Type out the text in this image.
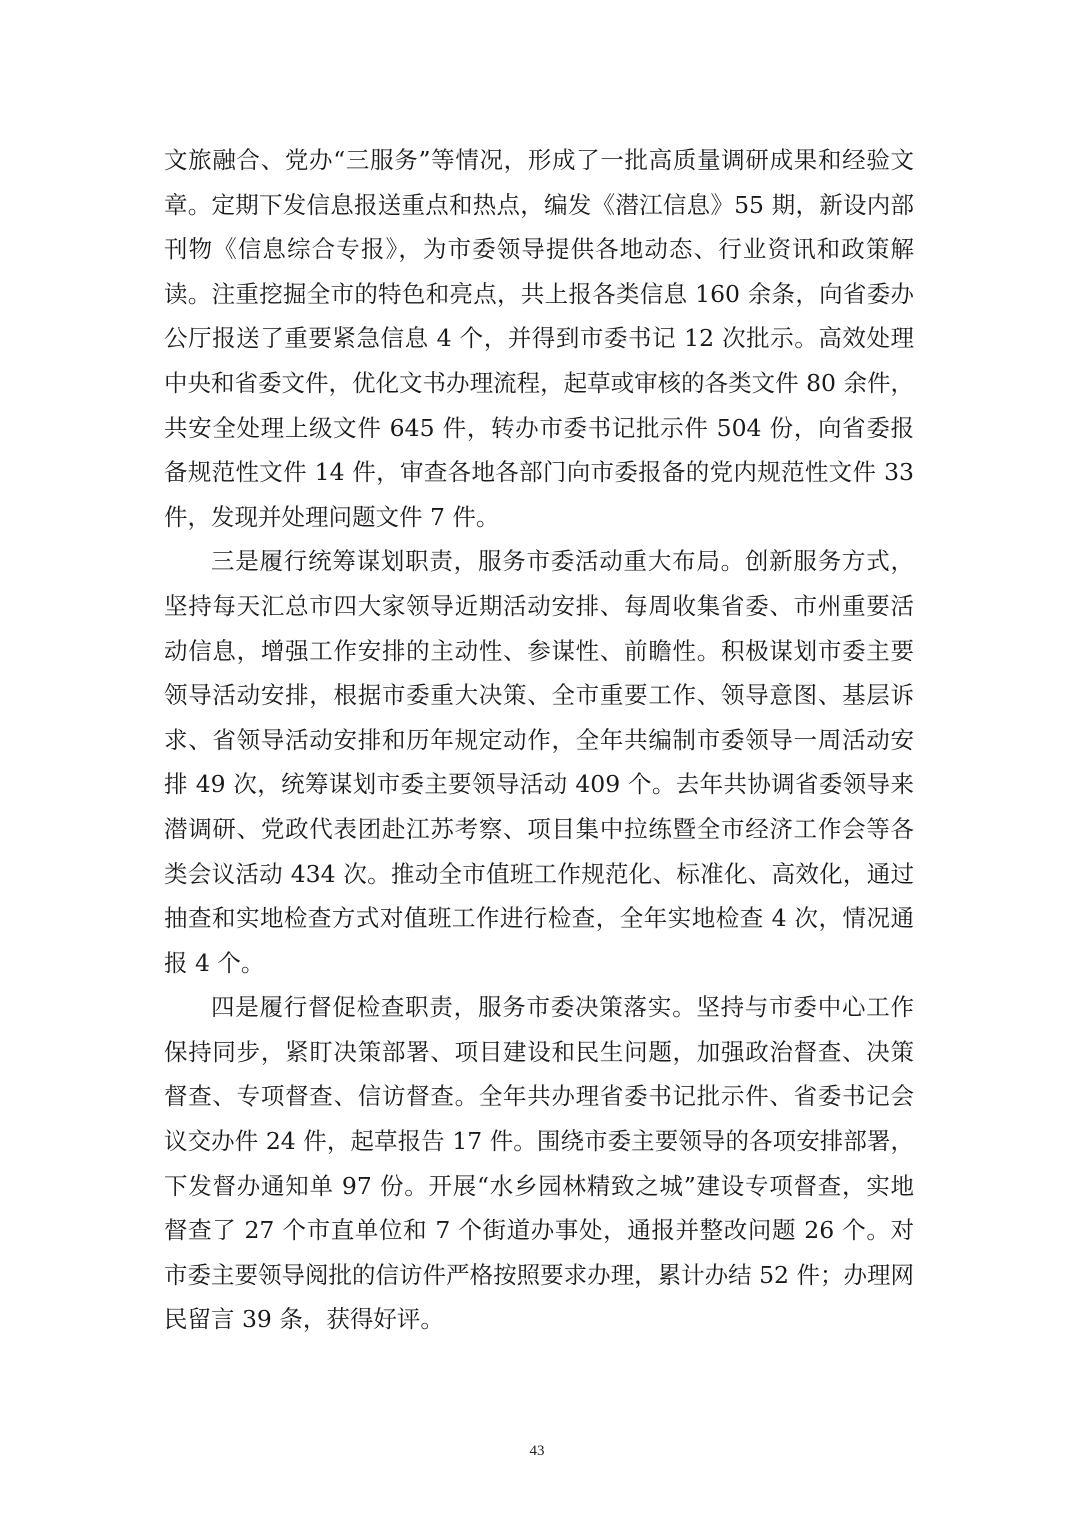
文旅融合、党办“三服务”等情况，形成了一批高质量调研成果和经验文章。定期下发信息报送重点和热点，编发《潜江信息》55 期，新设内部刊物《信息综合专报》，为市委领导提供各地动态、行业资讯和政策解读。注重挖掘全市的特色和亮点，共上报各类信息 160 余条，向省委办公厅报送了重要紧急信息 4 个，并得到市委书记 12 次批示。高效处理中央和省委文件，优化文书办理流程，起草或审核的各类文件 80 余件，共安全处理上级文件 645 件，转办市委书记批示件 504 份，向省委报备规范性文件 14 件，审查各地各部门向市委报备的党内规范性文件 33 件，发现并处理问题文件 7 件。

三是履行统筹谋划职责，服务市委活动重大布局。创新服务方式，坚持每天汇总市四大家领导近期活动安排、每周收集省委、市州重要活动信息，增强工作安排的主动性、参谋性、前瞻性。积极谋划市委主要领导活动安排，根据市委重大决策、全市重要工作、领导意图、基层诉求、省领导活动安排和历年规定动作，全年共编制市委领导一周活动安排 49 次，统筹谋划市委主要领导活动 409 个。去年共协调省委领导来潜调研、党政代表团赴江苏考察、项目集中拉练暨全市经济工作会等各类会议活动 434 次。推动全市值班工作规范化、标准化、高效化，通过抽查和实地检查方式对值班工作进行检查，全年实地检查 4 次，情况通报 4 个。

四是履行督促检查职责，服务市委决策落实。坚持与市委中心工作保持同步，紧盯决策部署、项目建设和民生问题，加强政治督查、决策督查、专项督查、信访督查。全年共办理省委书记批示件、省委书记会议交办件 24 件，起草报告 17 件。围绕市委主要领导的各项安排部署，下发督办通知单 97 份。开展“水乡园林精致之城”建设专项督查，实地督查了 27 个市直单位和 7 个街道办事处，通报并整改问题 26 个。对市委主要领导阅批的信访件严格按照要求办理，累计办结 52 件；办理网民留言 39 条，获得好评。

43
